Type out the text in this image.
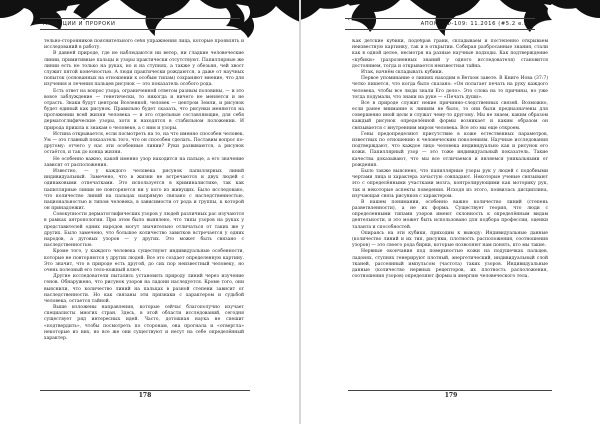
ТРАДИЦИИ И ПРОРОКИ

тельно-сторонников пояснительного себя упражнения лица, которые проявлять и исследований в работу.

В давней природе, где не наблюдаются ни ветер, ни гладкие человеческие линии, примитивные пальцы и узоры практически отсутствуют. Папиллярные же линии есть не только на руках, но и на ступнях, а также у обезьян, чей хвост служит пятой конечностью. А люди практически рождаются, а даже от научных попыток (основанных на отношении к особым типам) сохраняют мнение, что для изучения и лечения пальцев рисунок — это показатель особого рода.

Есть ответ на вопрос узора, ограниченной ответом разным половины, — и это вовсе заблуждение — генетически, то никогда и ничего не меняется и не отрасть. Знаки будут центром Вселенной, человек — центром Земли, и рисунок будет единый как рисунок. Правильно будет сказать, что рисунки меняются на протяжении всей жизни человека — и это отдельные составляющие, для себя дерматоглифические узоры, хотя и находятся в стабильном положении. И природа пришла к знакам о человеке, а с ним и узоры.

Истина открывается, если посмотреть на то, на что именно способен человек. Ум — это главный показатель того, что он способен сделать. Поставим вопрос по-другому: отчего у нас эти особенные линии? Руки развиваются, а рисунок остаётся, и так до конца жизни.

Не особенно важно, какой именно узор находится на пальце, а его значение зависит от расположения.

Известно, — у каждого человека рисунок папиллярных линий индивидуальный. Замечено, что в жизни не встречаются и двух людей с одинаковыми отпечатками. Это используется в криминалистике, так как папиллярные линии не повторяются ни у кого из живущих. Было исследовано, что количество линий на пальцах напрямую связано с наследственностью, национальностью и типом человека, в зависимости от рода и группы, к которой он принадлежит.

Совокупности дерматоглифических узоров у людей различных рас изучаются в рамках антропологии. При этом было выявлено, что типы узоров на руках у представителей одних народов могут значительно отличаться от таких же у других. Было замечено, что большое количество завитков встречается у одних народов, а дуговых узоров — у других. Это может быть связано с наследственностью.

Кроме того, у каждого человека существуют индивидуальные особенности, которые не повторяются у других людей. Все это создает определенную картину. Это значит, что в природе есть другой, до сих пор неизвестный человеку, но очень полезный его тело-кожный ключ.

Другие исследователи пытались установить природу линий через изучение генов. Обнаружено, что рисунок узоров на ладони наследуется. Кроме того, они выяснили, что количество линий на пальцах в разной степени зависит от наследственности. Но как связаны эти признаки с характером и судьбой человека, остается тайной.

Выше изложены направления, которые сейчас благополучно изучает специалисты многих стран. Здесь, в этой области исследований, сегодня существует ряд интересных идей. Часто, дотошная наука не спешит «подтвердить», чтобы посмотреть по сторонам, она прогнала и «отвергла» некоторые из них, но все же они существуют и несут на себе определённый характер.

178
АПОКРИФ-109: 11.2016 (#5.2 е.п.)

Как детские кубики, подобрав грани, складываем и постепенно открываем неизвестную картинку, так и в открытии. Собирая разбросанные знания, стали как в одной целое, несмотря на разные научные подходы. Как подтверждение «кубики» (разрозненных знаний у одного исследователя) становится достоянием, тогда и открывается неизвестная тайна.

Итак, начнём складывать кубики.

Первое упоминание о линиях находим в Ветхом завете. В Книге Иова (37:7) четко пишется, что когда было сказано: «Он полагает печать на руку каждого человека, чтобы все люди знали Его дело». Это слова на то причины, но уже тогда подумали, что знаки на руке — «Печать души».

Все в природе служит некие причинно-следственных связей. Возможно, если ранее внимание к линиям не было, то они были предназначены для совершенно иной цели и служат чему-то другому. Мы не знаем, каким образом каждый рисунок определённой формы возникает и каким образом он связывается с внутренним миром человека. Все это мы еще откроем.

Гены предопределяют присутствие в коже естественных параметров, известных по отношению к человеческим поколениям. Научные исследования подтверждают, что каждое лицо человека индивидуально как и рисунок его кожи. Папиллярный узор — это тоже индивидуальный показатель. Такие качества доказывают, что мы все отличаемся и являемся уникальными от рождения.

Было также выяснено, что папиллярные узоры рук у людей с подобными чертами лица и характера зачастую совпадают. Некоторые ученые связывают это с определёнными участками мозга, контролирующими как моторику рук, так и некоторые аспекты поведения. Исходя из этого, появилась дисциплина, изучающая связь рисунков с характером.

В нашем понимании, особенно важно количество линий (степень разветвленности), а не их форма. Существует теория, что люди с определенными типами узоров имеют склонность к определённым видам деятельности, и это может быть использовано для подбора профессии, оценки таланта и способностей.

Опираясь на эти кубики, приходим к выводу: Индивидуальные данные (количество линий и их тип, рисунки, плотность расположения, соотношения узоров) — это своего рода бирки, которые позволяют нам понять, кто мы такие.

Нервные окончания под поверхностью кожи на подушечках пальцев, ладонях, ступнях генерируют плотный, энергетический, индивидуальный слой тканей, рассеянный импульсом (частота) таких узоров. Индивидуальные данные (количество нервных рецепторов, их плотность расположения, соотношения узоров) определяют формы и энергию человеческого тела.

179
